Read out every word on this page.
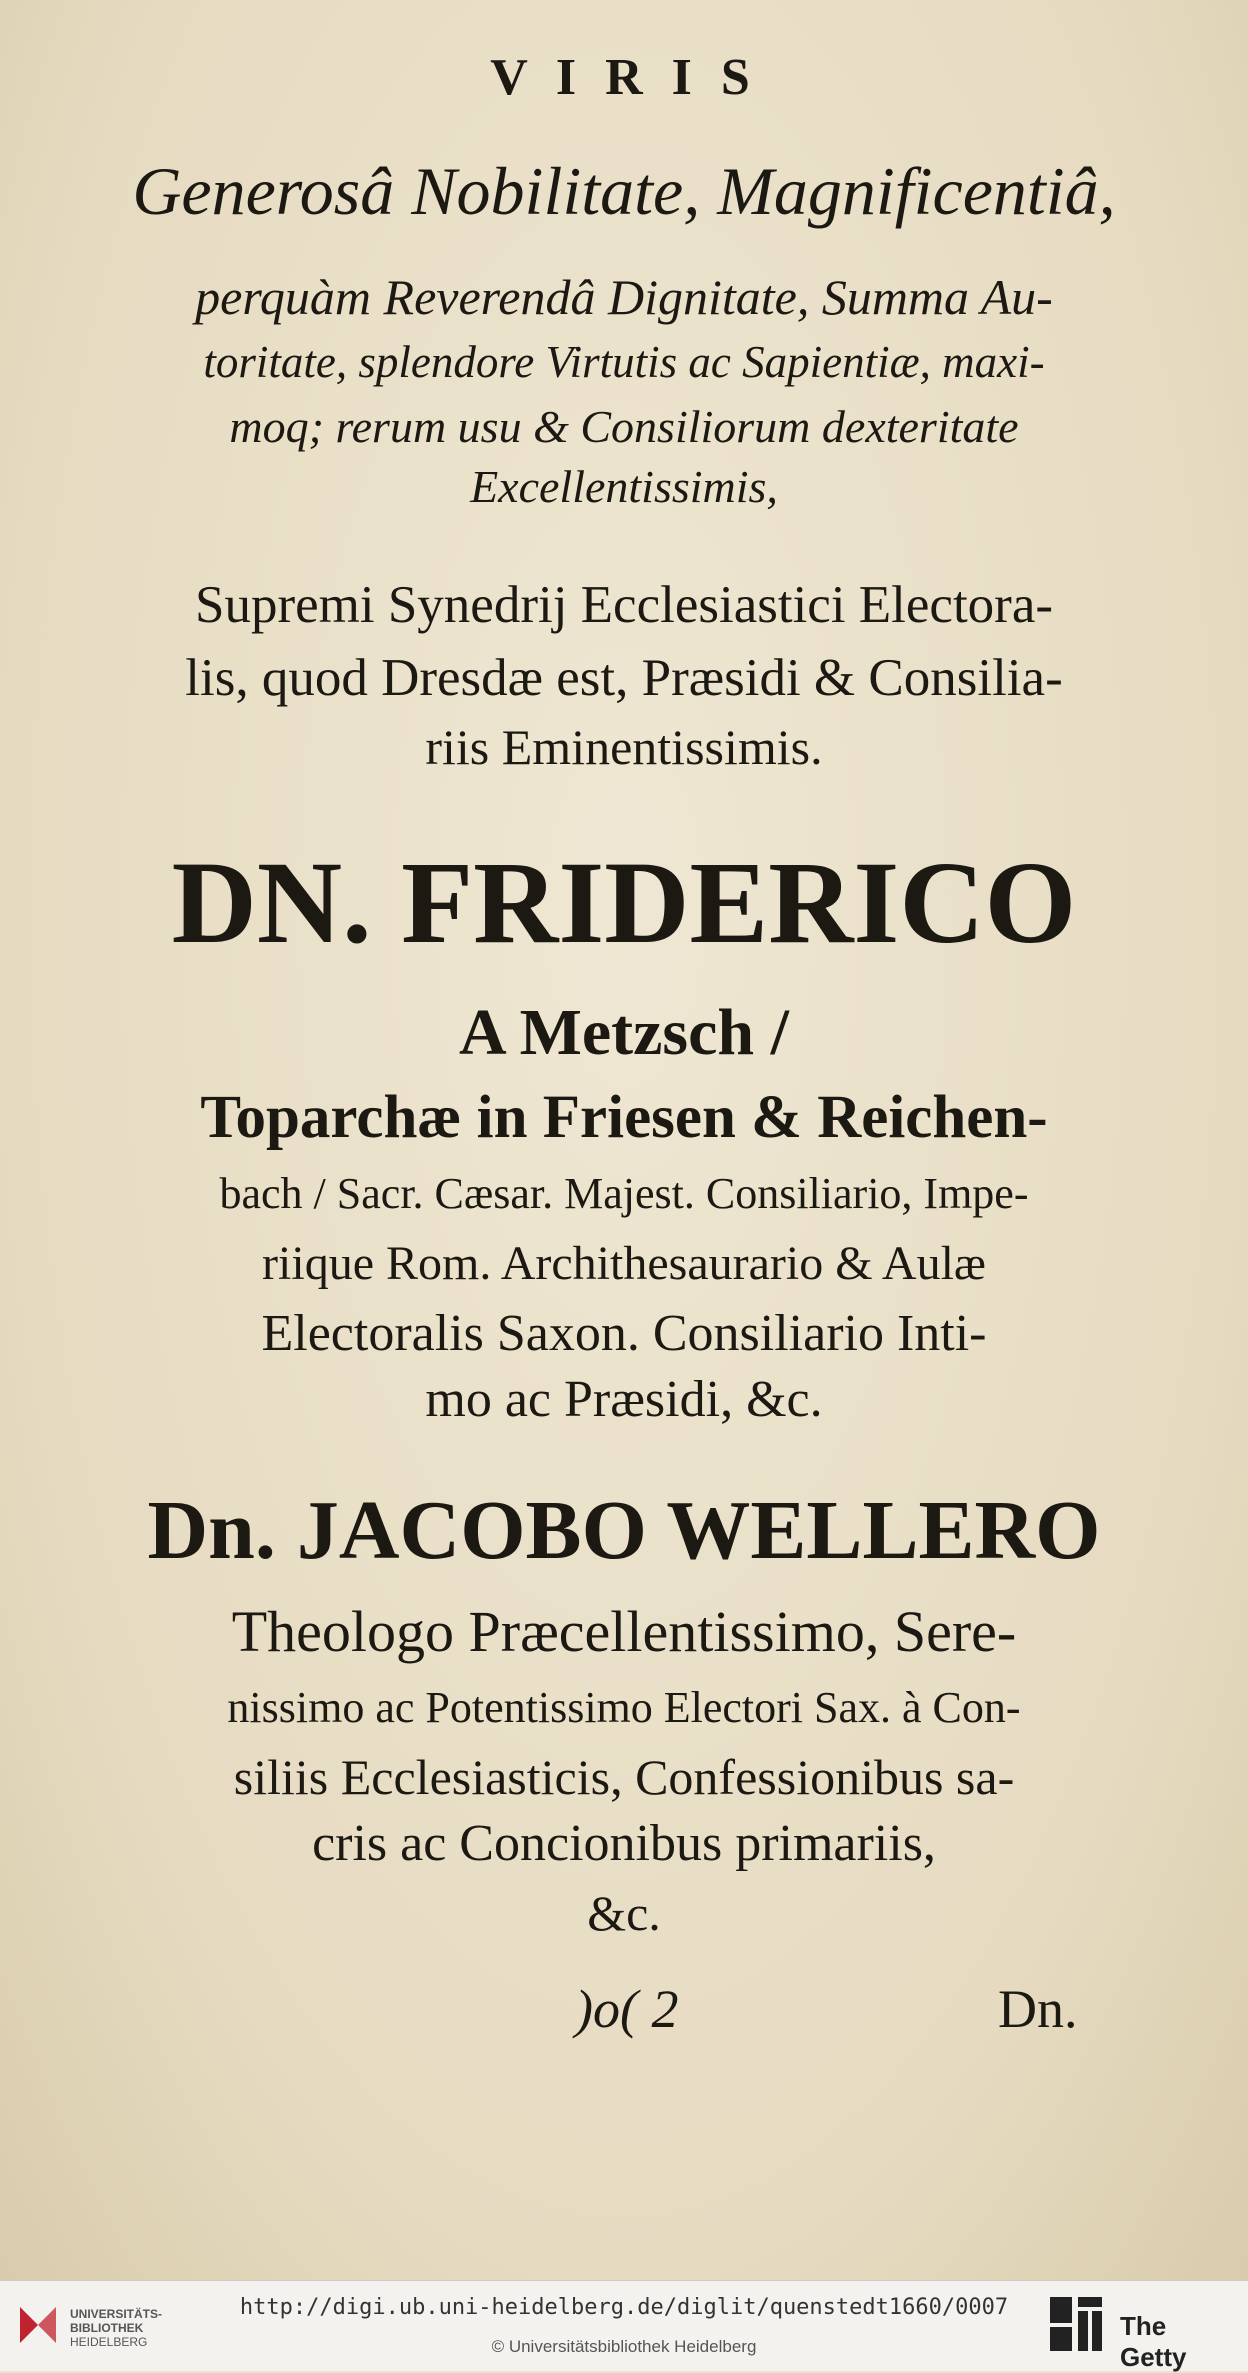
V I R I S
Generosâ Nobilitate, Magnificentiâ,
perquàm Reverendâ Dignitate, Summa Au-
toritate, splendore Virtutis ac Sapientiæ, maxi-
moq; rerum usu & Consiliorum dexteritate
Excellentissimis,
Supremi Synedrij Ecclesiastici Electora-
lis, quod Dresdæ est, Præsidi & Consilia-
riis Eminentissimis.
DN. FRIDERICO
A Metzsch /
Toparchæ in Friesen & Reichen-
bach / Sacr. Cæsar. Majest. Consiliario, Impe-
riique Rom. Archithesaurario & Aulæ
Electoralis Saxon. Consiliario Inti-
mo ac Præsidi, &c.
Dn. JACOBO WELLERO
Theologo Præcellentissimo, Sere-
nissimo ac Potentissimo Electori Sax. à Con-
siliis Ecclesiasticis, Confessionibus sa-
cris ac Concionibus primariis,
&c.
)o( 2	Dn.
UNIVERSITÄTS-
BIBLIOTHEK
HEIDELBERG
http://digi.ub.uni-heidelberg.de/diglit/quenstedt1660/0007
© Universitätsbibliothek Heidelberg
The Getty
